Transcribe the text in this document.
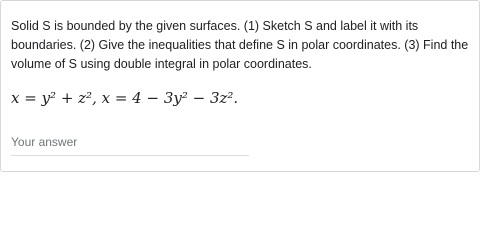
Solid S is bounded by the given surfaces. (1) Sketch S and label it with its boundaries. (2) Give the inequalities that define S in polar coordinates. (3) Find the volume of S using double integral in polar coordinates.

x = y² + z², x = 4 − 3y² − 3z².
Your answer
